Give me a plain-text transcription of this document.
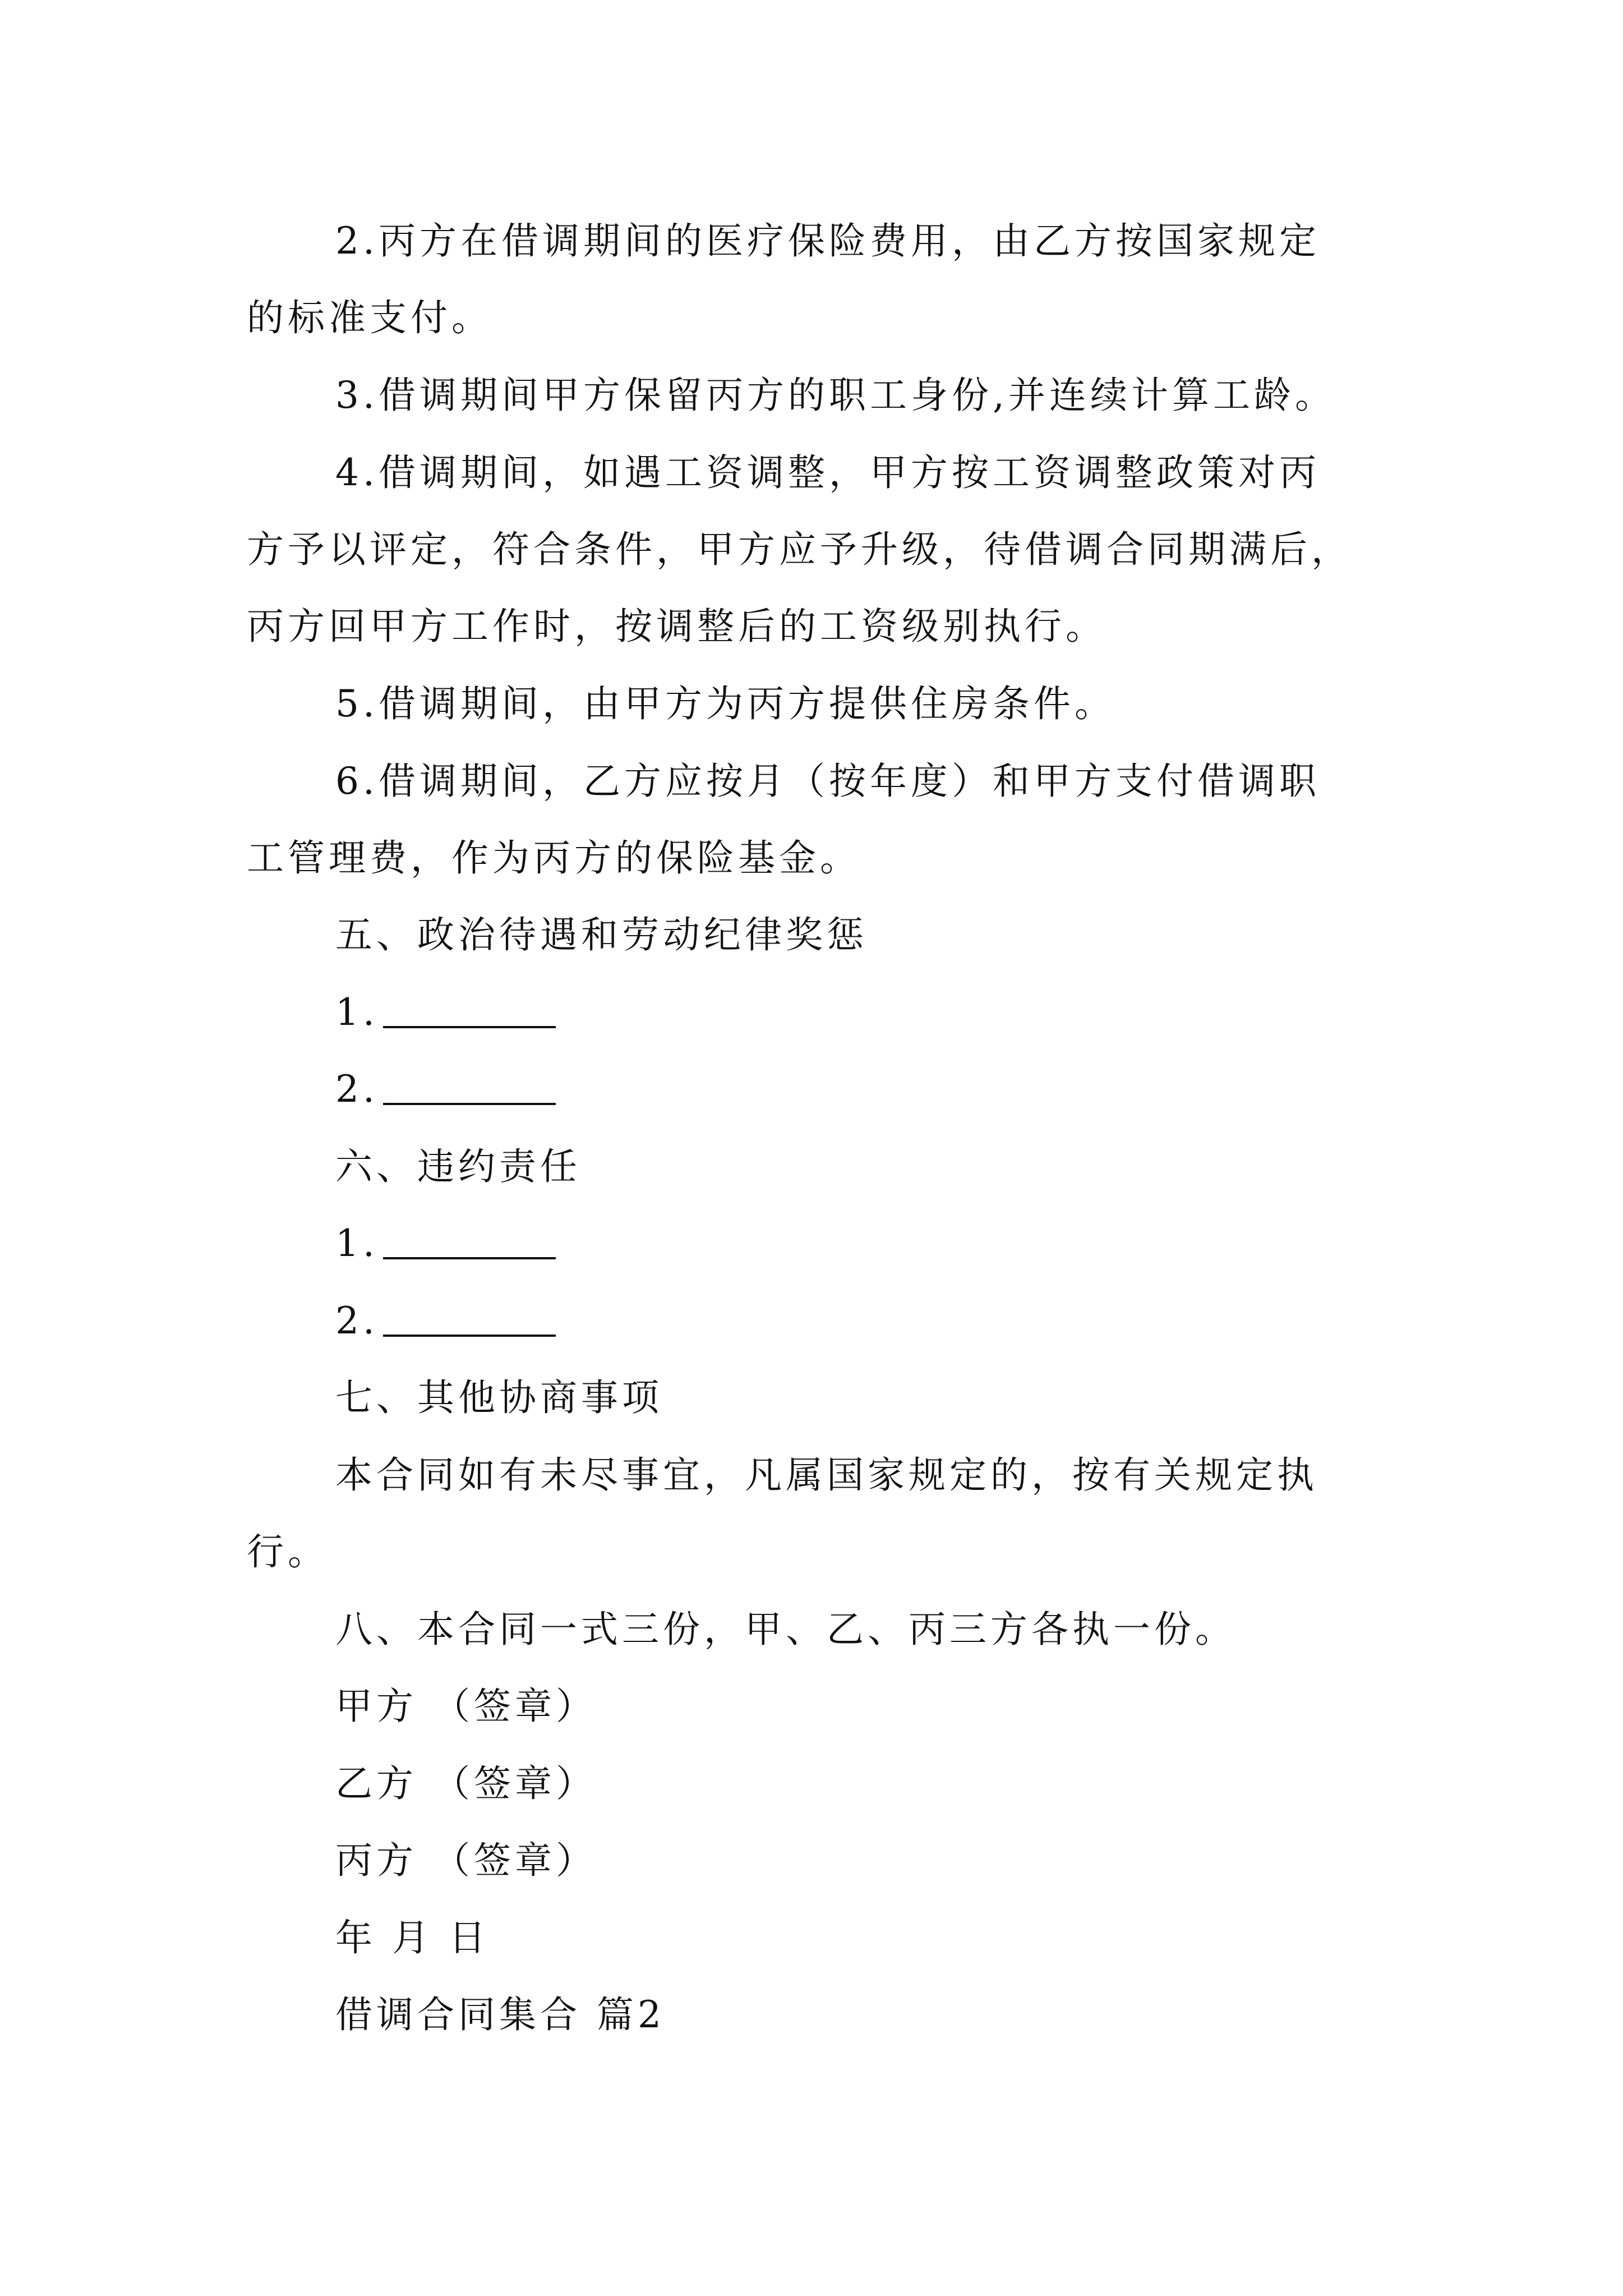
2.丙方在借调期间的医疗保险费用，由乙方按国家规定
的标准支付。
3.借调期间甲方保留丙方的职工身份,并连续计算工龄。
4.借调期间，如遇工资调整，甲方按工资调整政策对丙
方予以评定，符合条件，甲方应予升级，待借调合同期满后，
丙方回甲方工作时，按调整后的工资级别执行。
5.借调期间，由甲方为丙方提供住房条件。
6.借调期间，乙方应按月（按年度）和甲方支付借调职
工管理费，作为丙方的保险基金。
五、政治待遇和劳动纪律奖惩
1.
2.
六、违约责任
1.
2.
七、其他协商事项
本合同如有未尽事宜，凡属国家规定的，按有关规定执
行。
八、本合同一式三份，甲、乙、丙三方各执一份。
甲方 （签章）
乙方 （签章）
丙方 （签章）
年 月 日
借调合同集合 篇2
